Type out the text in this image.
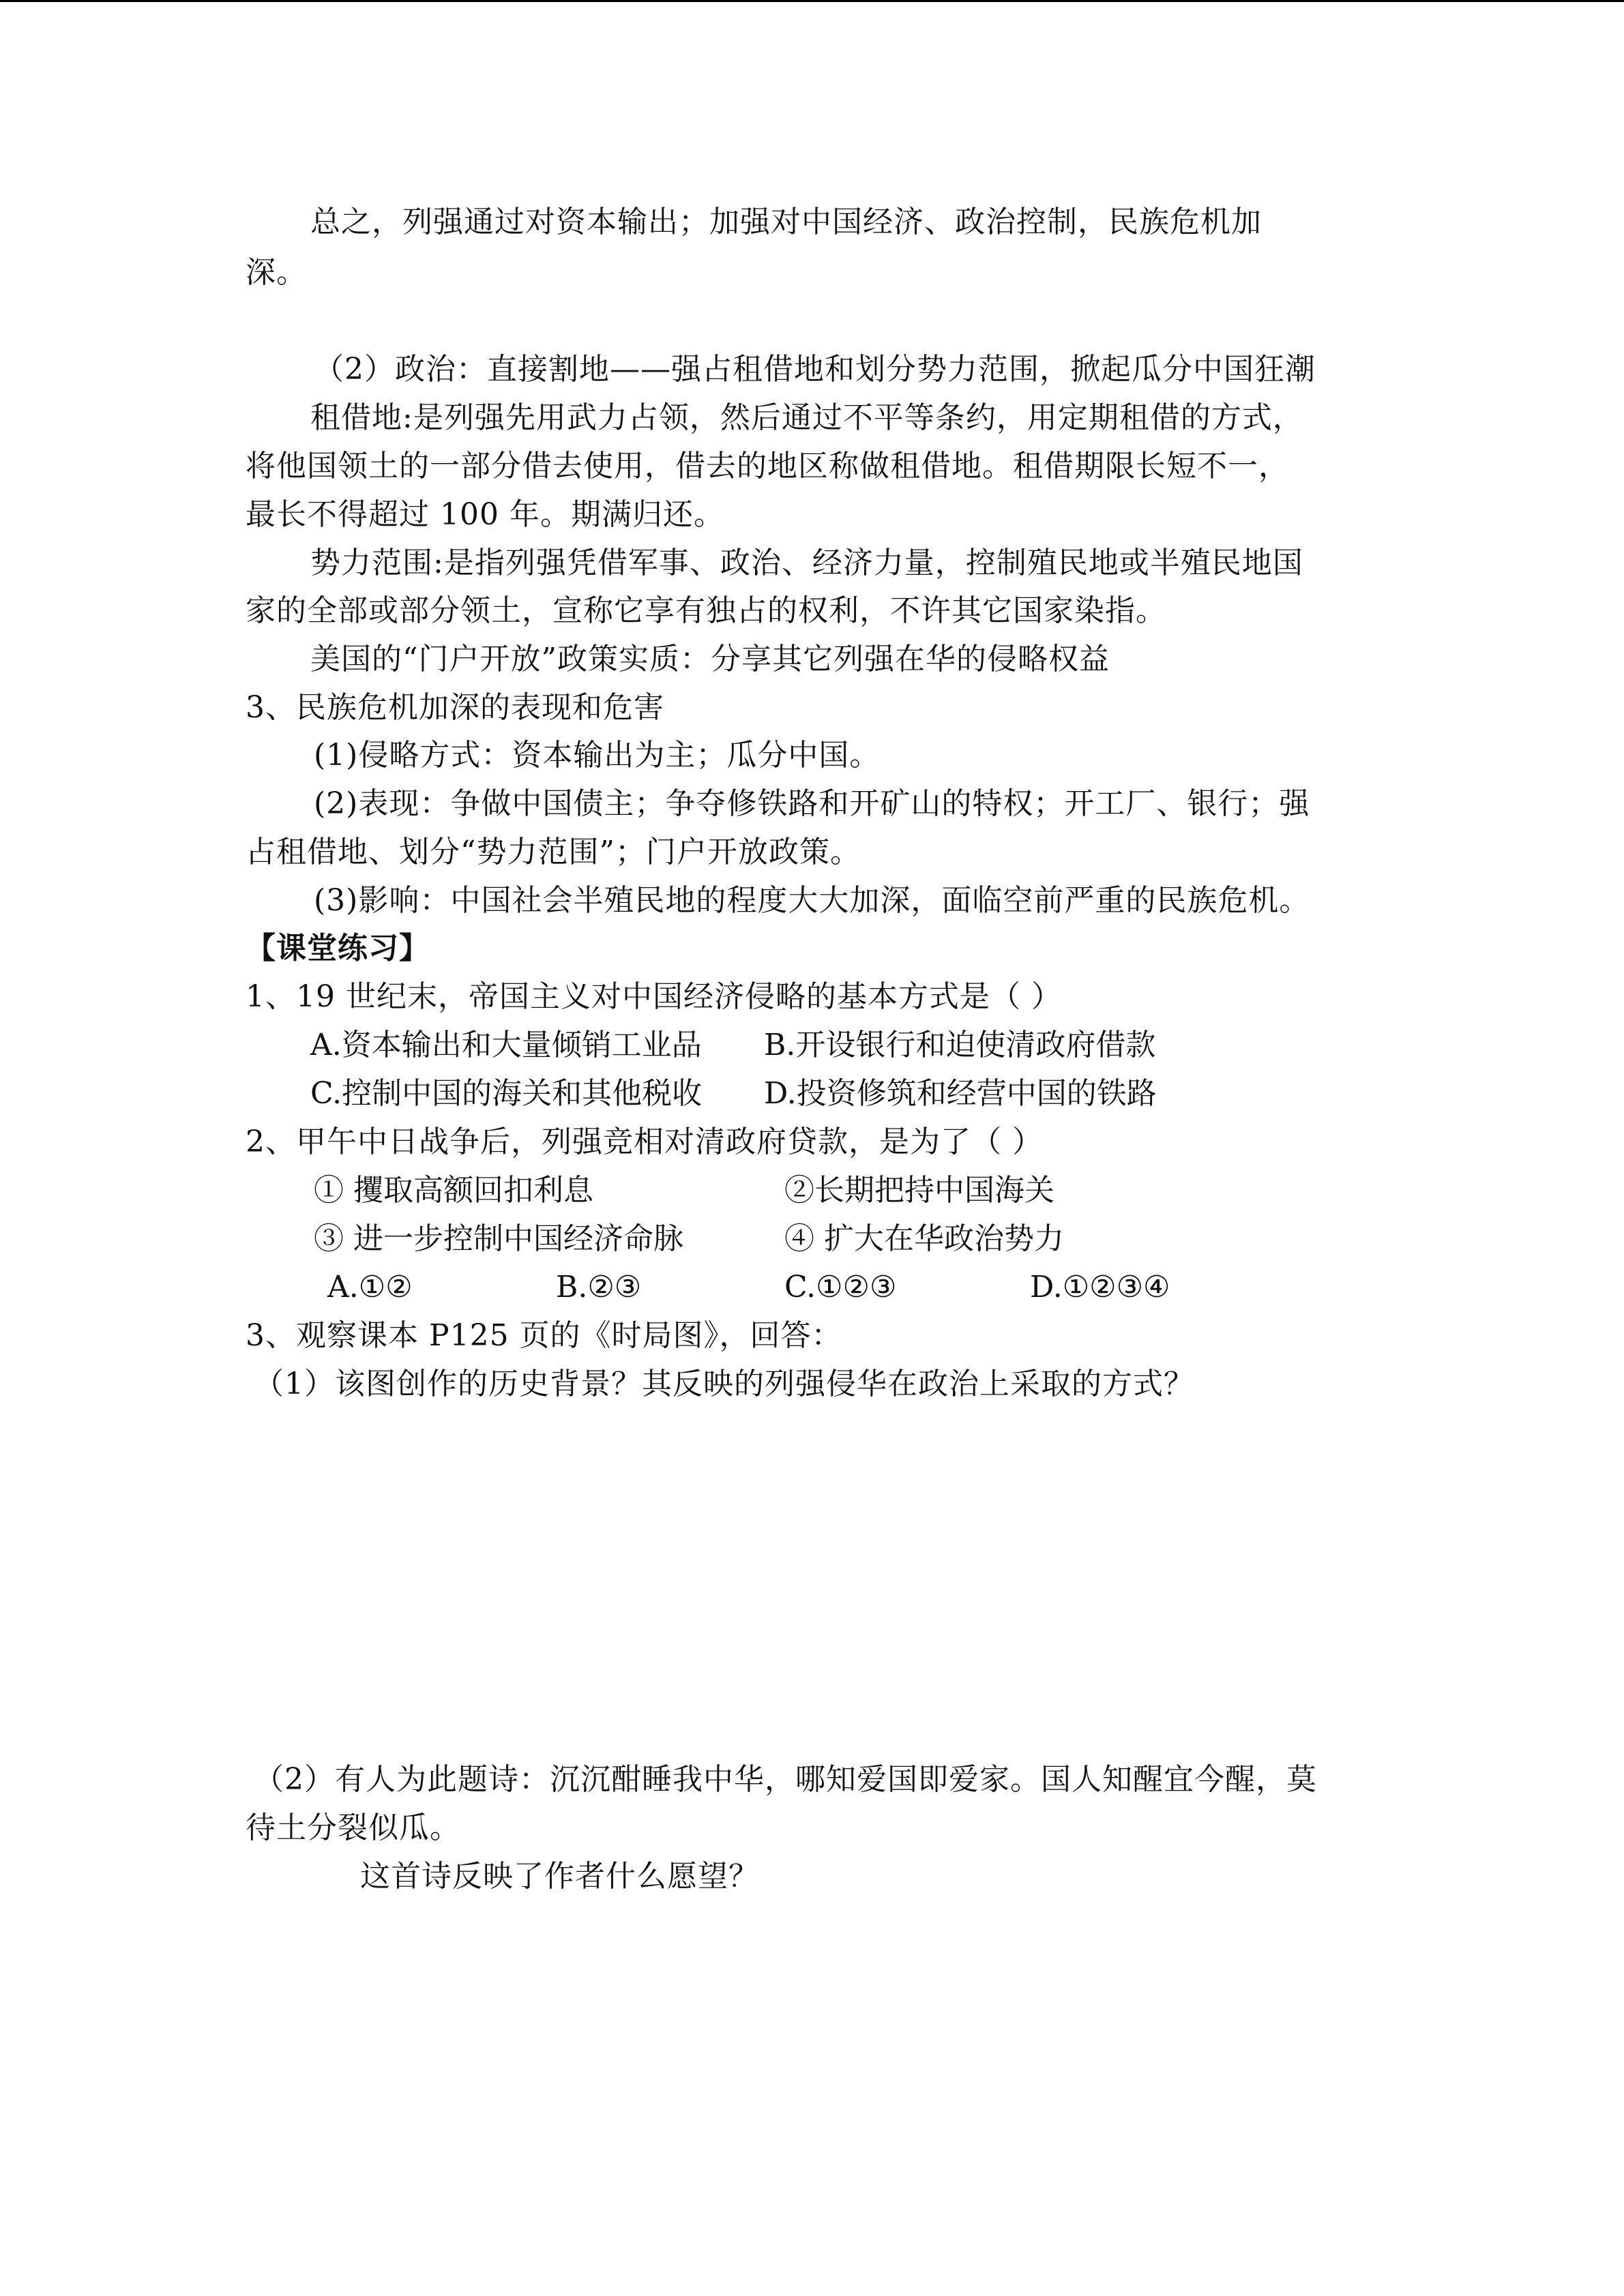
总之，列强通过对资本输出；加强对中国经济、政治控制，民族危机加
深。
（2）政治：直接割地——强占租借地和划分势力范围，掀起瓜分中国狂潮
租借地:是列强先用武力占领，然后通过不平等条约，用定期租借的方式，
将他国领土的一部分借去使用，借去的地区称做租借地。租借期限长短不一，
最长不得超过 100 年。期满归还。
势力范围:是指列强凭借军事、政治、经济力量，控制殖民地或半殖民地国
家的全部或部分领土，宣称它享有独占的权利，不许其它国家染指。
美国的“门户开放”政策实质：分享其它列强在华的侵略权益
3、民族危机加深的表现和危害
(1)侵略方式：资本输出为主；瓜分中国。
(2)表现：争做中国债主；争夺修铁路和开矿山的特权；开工厂、银行；强
占租借地、划分“势力范围”；门户开放政策。
(3)影响：中国社会半殖民地的程度大大加深，面临空前严重的民族危机。
【课堂练习】
1、19 世纪末，帝国主义对中国经济侵略的基本方式是（ ）
A.资本输出和大量倾销工业品 B.开设银行和迫使清政府借款
C.控制中国的海关和其他税收 D.投资修筑和经营中国的铁路
2、甲午中日战争后，列强竞相对清政府贷款，是为了（ ）
① 攫取高额回扣利息	②长期把持中国海关
③ 进一步控制中国经济命脉	④ 扩大在华政治势力
A.①②	B.②③	C.①②③	D.①②③④
3、观察课本 P125 页的《时局图》，回答：
（1）该图创作的历史背景？其反映的列强侵华在政治上采取的方式？
（2）有人为此题诗：沉沉酣睡我中华，哪知爱国即爱家。国人知醒宜今醒，莫
待土分裂似瓜。
这首诗反映了作者什么愿望？
